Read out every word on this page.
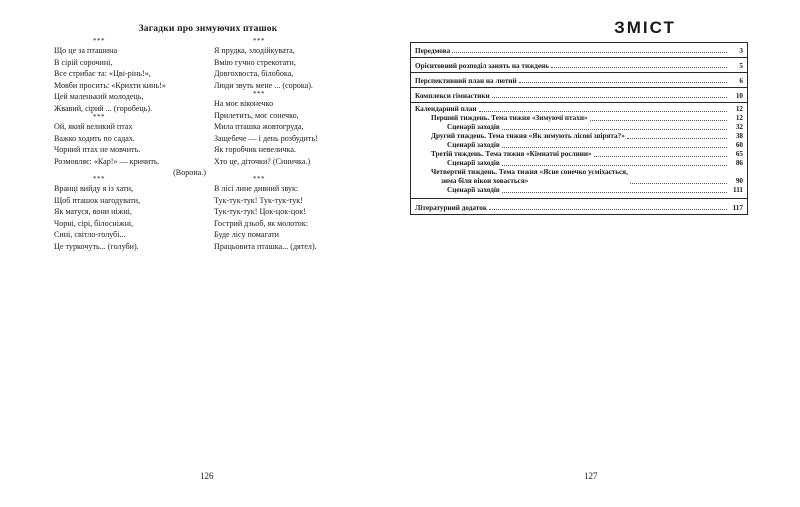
Загадки про зимуючих пташок
***
Що це за пташина
В сірій сорочині,
Все стрибає та: «Цві-рінь!»,
Мовби просить: «Крихти кинь!»
Цей маленький молодець,
Жвавий, сірий ... (горобець).
***
Ой, який великий птах
Важко ходить по садах.
Чорний птах не мовчить.
Розмовляє: «Кар!» — кричить.
(Ворона.)
***
Вранці вийду я із хати,
Щоб пташок нагодувати,
Як матуся, вони ніжні,
Чорні, сірі, білосніжні,
Сині, світло-голубі...
Це туркочуть... (голуби).
***
Я прудка, злодійкувата,
Вмію гучно стрекотати,
Довгохвоста, білобока,
Люди звуть мене ... (сорока).
***
На моє віконечко
Прилетить, моє сонечко,
Мила пташка жовтогруда,
Защебече — і день розбудить!
Як горобчик невеличка.
Хто це, діточки? (Синичка.)
***
В лісі лине дивний звук:
Тук-тук-тук! Тук-тук-тук!
Тук-тук-тук! Цок-цок-цок!
Гострий дзьоб, як молоток:
Буде лісу помагати
Працьовита пташка... (дятел).
126
ЗМІСТ
Передмова	3
Орієнтовний розподіл занять на тиждень	5
Перспективний план на лютий	6
Комплекси гімнастики	10
Календарний план	12
Перший тиждень. Тема тижня «Зимуючі птахи»	12
Сценарії заходів	32
Другий тиждень. Тема тижня «Як зимують лісові звірята?»	38
Сценарії заходів	60
Третій тиждень. Тема тижня «Кімнатні рослини»	65
Сценарії заходів	86
Четвертий тиждень. Тема тижня «Ясне сонечко усміхається,
зима біля вікон ховається»	90
Сценарії заходів	111
Літературний додаток	117
127
